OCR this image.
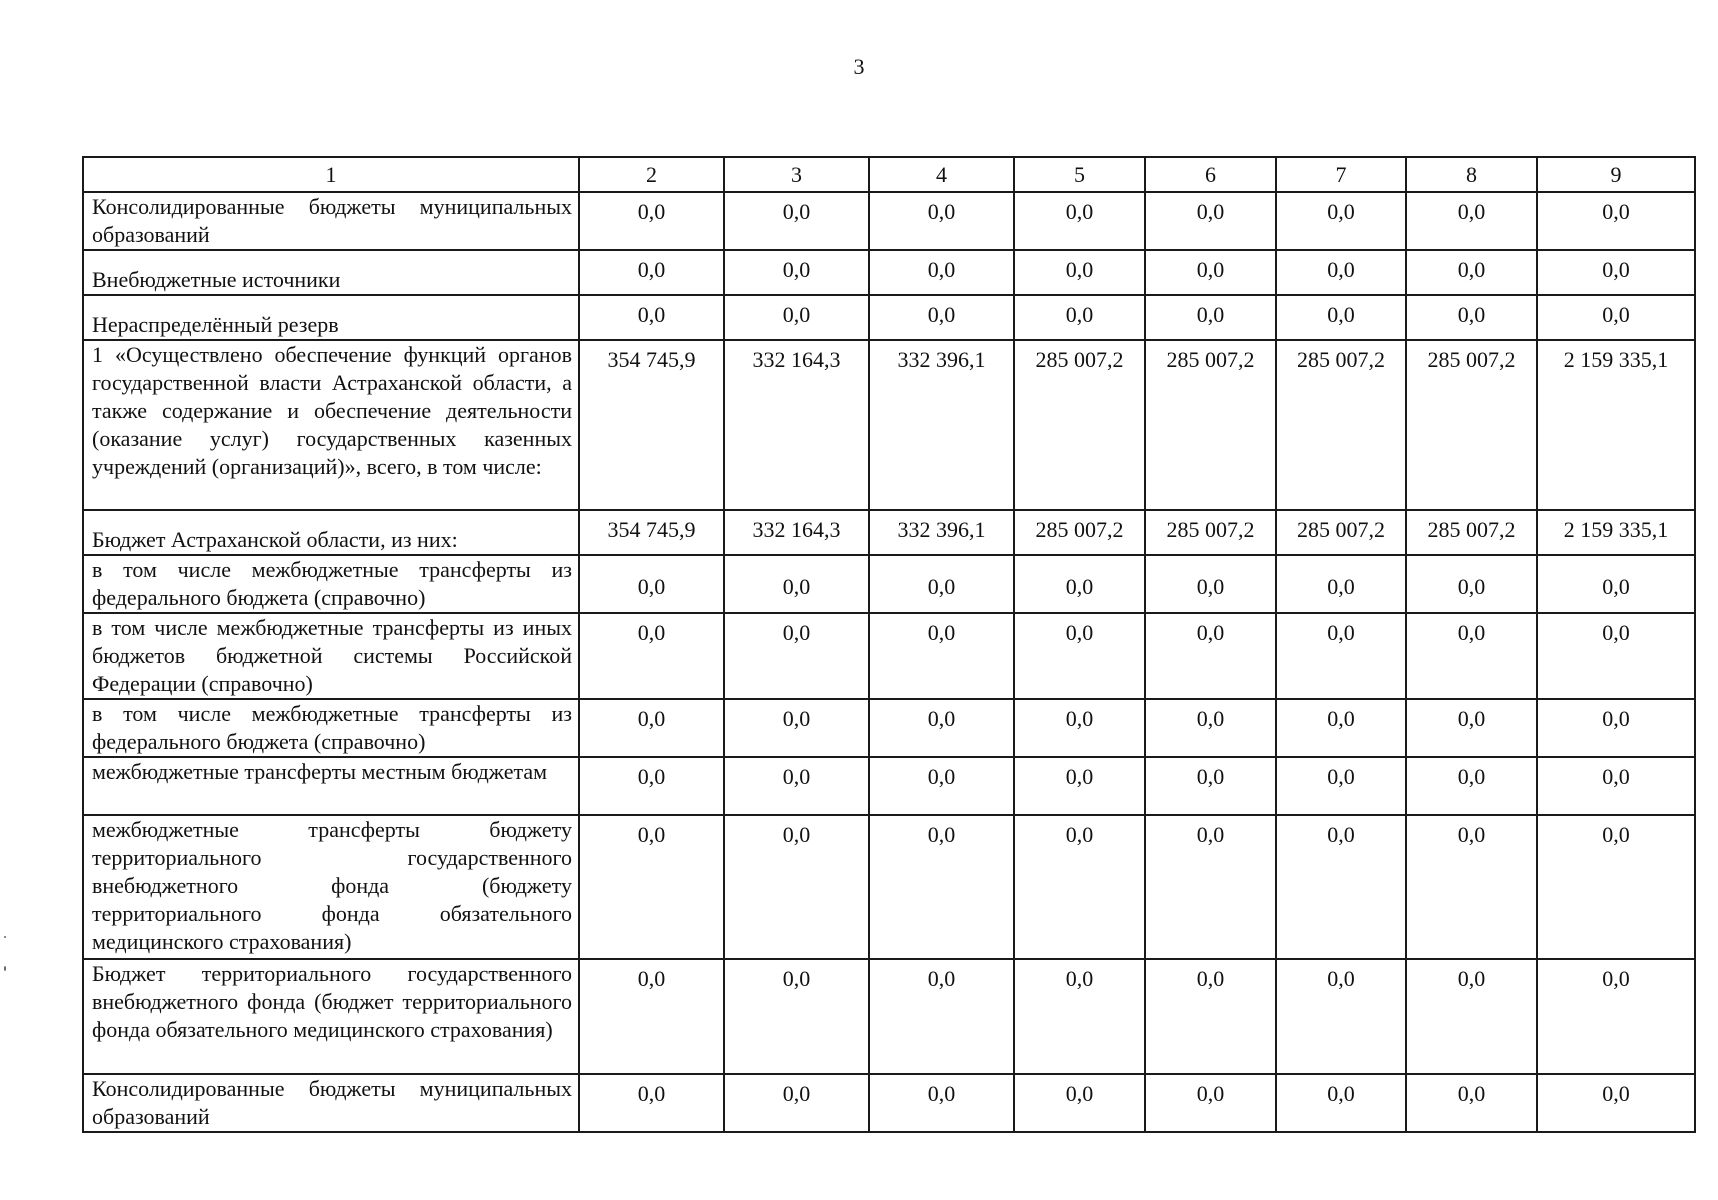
3
1	2	3	4	5	6	7	8	9
Консолидированные бюджеты муниципальных образований	0,0	0,0	0,0	0,0	0,0	0,0	0,0	0,0
Внебюджетные источники	0,0	0,0	0,0	0,0	0,0	0,0	0,0	0,0
Нераспределённый резерв	0,0	0,0	0,0	0,0	0,0	0,0	0,0	0,0
1 «Осуществлено обеспечение функций органов государственной власти Астраханской области, а также содержание и обеспечение деятельности (оказание услуг) государственных казенных учреждений (организаций)», всего, в том числе:	354 745,9	332 164,3	332 396,1	285 007,2	285 007,2	285 007,2	285 007,2	2 159 335,1
Бюджет Астраханской области, из них:	354 745,9	332 164,3	332 396,1	285 007,2	285 007,2	285 007,2	285 007,2	2 159 335,1
в том числе межбюджетные трансферты из федерального бюджета (справочно)	0,0	0,0	0,0	0,0	0,0	0,0	0,0	0,0
в том числе межбюджетные трансферты из иных бюджетов бюджетной системы Российской Федерации (справочно)	0,0	0,0	0,0	0,0	0,0	0,0	0,0	0,0
в том числе межбюджетные трансферты из федерального бюджета (справочно)	0,0	0,0	0,0	0,0	0,0	0,0	0,0	0,0
межбюджетные трансферты местным бюджетам	0,0	0,0	0,0	0,0	0,0	0,0	0,0	0,0
межбюджетные трансферты бюджету территориального государственного внебюджетного фонда (бюджету территориального фонда обязательного медицинского страхования)	0,0	0,0	0,0	0,0	0,0	0,0	0,0	0,0
Бюджет территориального государственного внебюджетного фонда (бюджет территориального фонда обязательного медицинского страхования)	0,0	0,0	0,0	0,0	0,0	0,0	0,0	0,0
Консолидированные бюджеты муниципальных образований	0,0	0,0	0,0	0,0	0,0	0,0	0,0	0,0
